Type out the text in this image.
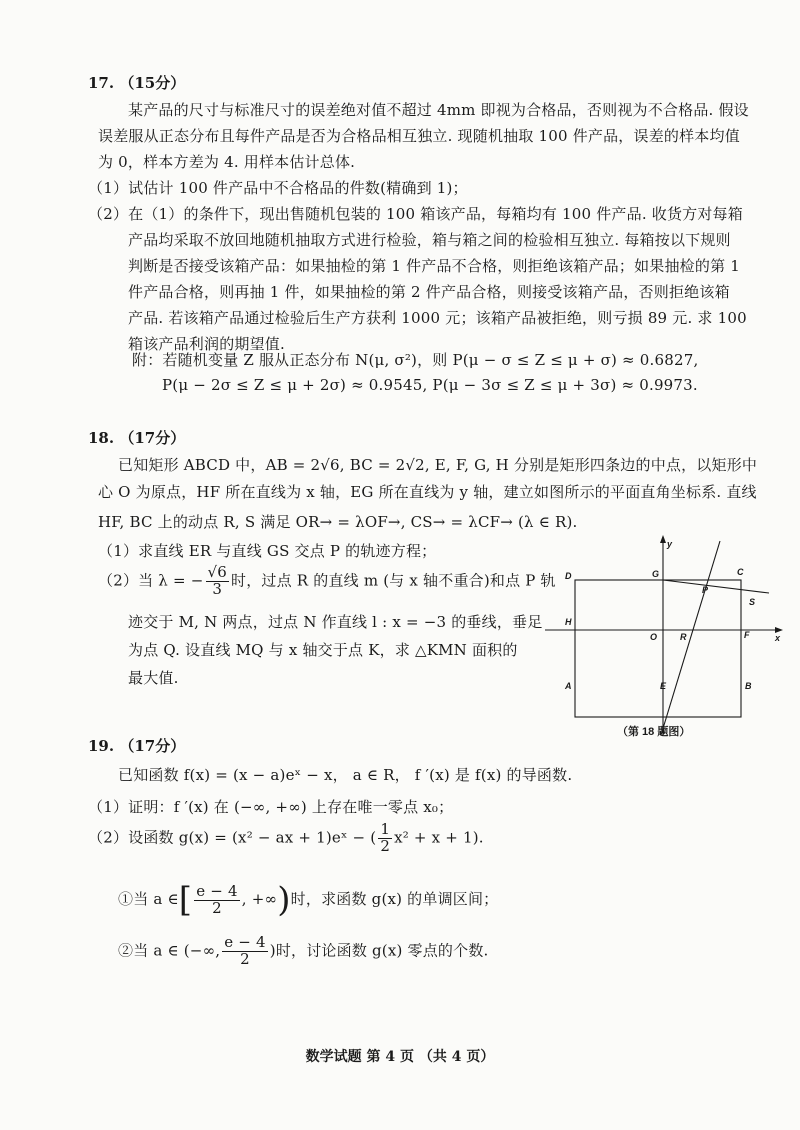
17. （15分）
某产品的尺寸与标准尺寸的误差绝对值不超过 4mm 即视为合格品，否则视为不合格品. 假设
误差服从正态分布且每件产品是否为合格品相互独立. 现随机抽取 100 件产品，误差的样本均值
为 0，样本方差为 4. 用样本估计总体.
（1）试估计 100 件产品中不合格品的件数(精确到 1)；
（2）在（1）的条件下，现出售随机包装的 100 箱该产品，每箱均有 100 件产品. 收货方对每箱
产品均采取不放回地随机抽取方式进行检验，箱与箱之间的检验相互独立. 每箱按以下规则
判断是否接受该箱产品：如果抽检的第 1 件产品不合格，则拒绝该箱产品；如果抽检的第 1
件产品合格，则再抽 1 件，如果抽检的第 2 件产品合格，则接受该箱产品，否则拒绝该箱
产品. 若该箱产品通过检验后生产方获利 1000 元；该箱产品被拒绝，则亏损 89 元. 求 100
箱该产品利润的期望值.
附：若随机变量 Z 服从正态分布 N(μ, σ²)，则 P(μ − σ ≤ Z ≤ μ + σ) ≈ 0.6827,
P(μ − 2σ ≤ Z ≤ μ + 2σ) ≈ 0.9545, P(μ − 3σ ≤ Z ≤ μ + 3σ) ≈ 0.9973.
18. （17分）
已知矩形 ABCD 中，AB = 2√6, BC = 2√2, E, F, G, H 分别是矩形四条边的中点，以矩形中
心 O 为原点，HF 所在直线为 x 轴，EG 所在直线为 y 轴，建立如图所示的平面直角坐标系. 直线
HF, BC 上的动点 R, S 满足 OR→ = λOF→, CS→ = λCF→ (λ ∈ R).
（1）求直线 ER 与直线 GS 交点 P 的轨迹方程；
（2）当 λ = − $\frac{√6}{3}$ 时，过点 R 的直线 m (与 x 轴不重合)和点 P 轨
迹交于 M, N 两点，过点 N 作直线 l : x = −3 的垂线，垂足
为点 Q. 设直线 MQ 与 x 轴交于点 K，求 △KMN 面积的
最大值.
D	G	C
H
O	R	F	x
A	E	B
P
S
y
（第 18 题图）
19. （17分）
已知函数 f(x) = (x − a)eˣ − x， a ∈ R， f ′(x) 是 f(x) 的导函数.
（1）证明：f ′(x) 在 (−∞, +∞) 上存在唯一零点 x₀；
（2）设函数 g(x) = (x² − ax + 1)eˣ − ( $\frac{1}{2} x^2 + x + 1$).
①当 a ∈[ $\frac{e - 4}{2}$ , +∞)时，求函数 g(x) 的单调区间；
②当 a ∈ (−∞, $\frac{e - 4}{2}$ )时，讨论函数 g(x) 零点的个数.
数学试题 第 4 页 （共 4 页）
